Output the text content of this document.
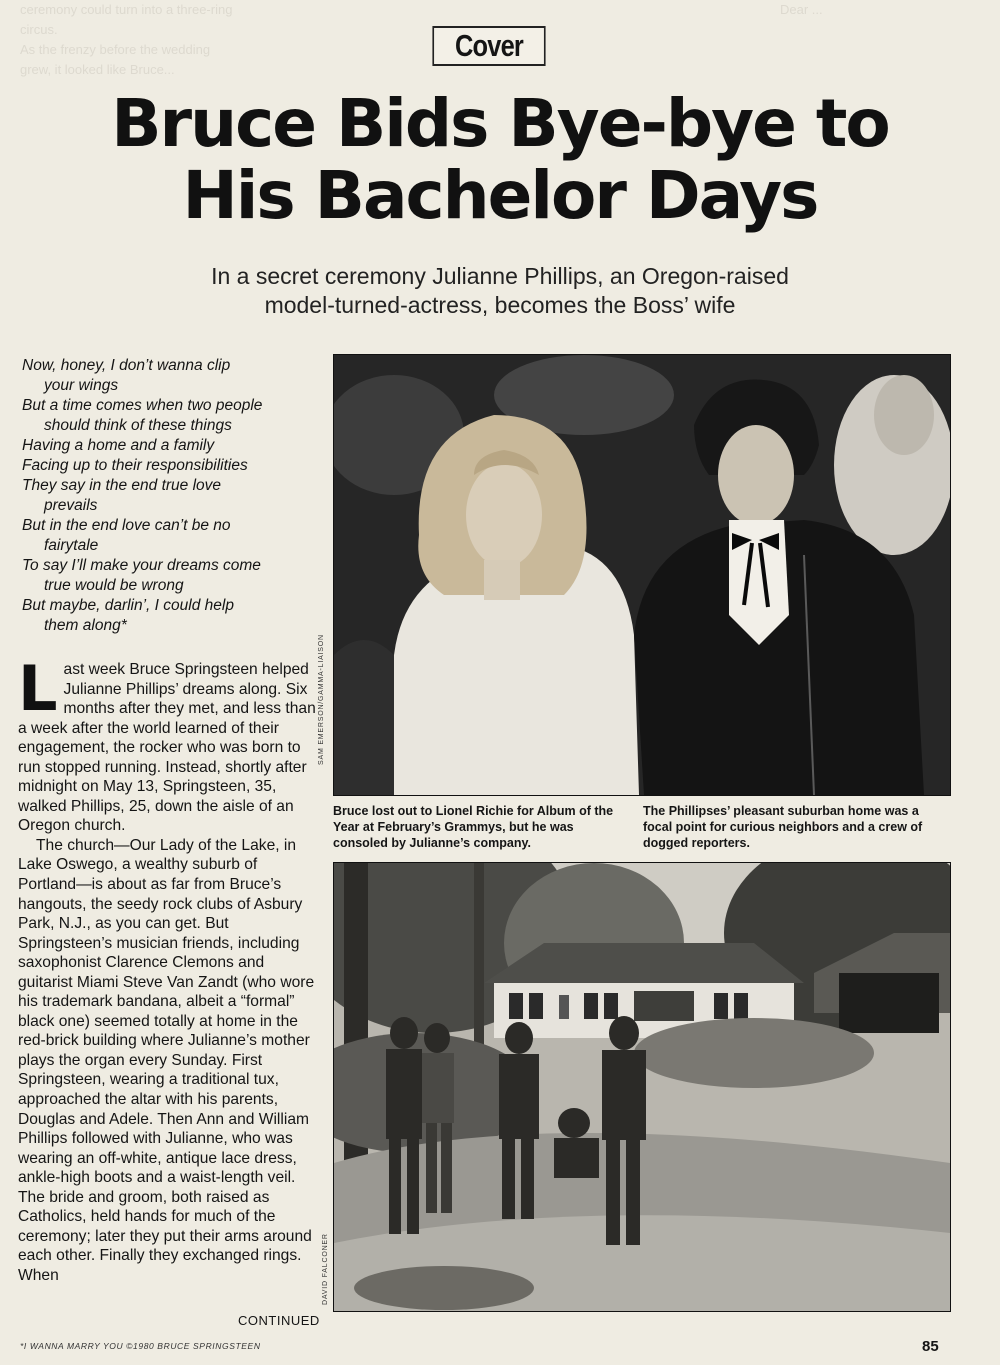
ceremony could turn into a three-ring
circus.
As the frenzy before the wedding
grew, it looked like Bruce...
Dear ...
Cover
Bruce Bids Bye-bye to
His Bachelor Days

In a secret ceremony Julianne Phillips, an Oregon-raised
model-turned-actress, becomes the Boss’ wife

Now, honey, I don’t wanna clip
your wings
But a time comes when two people
should think of these things
Having a home and a family
Facing up to their responsibilities
They say in the end true love
prevails
But in the end love can’t be no
fairytale
To say I’ll make your dreams come
true would be wrong
But maybe, darlin’, I could help
them along*

Last week Bruce Springsteen helped Julianne Phillips’ dreams along. Six months after they met, and less than a week after the world learned of their engagement, the rocker who was born to run stopped running. Instead, shortly after midnight on May 13, Springsteen, 35, walked Phillips, 25, down the aisle of an Oregon church.

The church—Our Lady of the Lake, in Lake Oswego, a wealthy suburb of Portland—is about as far from Bruce’s hangouts, the seedy rock clubs of Asbury Park, N.J., as you can get. But Springsteen’s musician friends, including saxophonist Clarence Clemons and guitarist Miami Steve Van Zandt (who wore his trademark bandana, albeit a “formal” black one) seemed totally at home in the red-brick building where Julianne’s mother plays the organ every Sunday. First Springsteen, wearing a traditional tux, approached the altar with his parents, Douglas and Adele. Then Ann and William Phillips followed with Julianne, who was wearing an off-white, antique lace dress, ankle-high boots and a waist-length veil. The bride and groom, both raised as Catholics, held hands for much of the ceremony; later they put their arms around each other. Finally they exchanged rings. When

CONTINUED
SAM EMERSON/GAMMA-LIAISON

Bruce lost out to Lionel Richie for Album of the Year at February’s Grammys, but he was consoled by Julianne’s company.

The Phillipses’ pleasant suburban home was a focal point for curious neighbors and a crew of dogged reporters.

DAVID FALCONER
*I WANNA MARRY YOU ©1980 BRUCE SPRINGSTEEN	85
